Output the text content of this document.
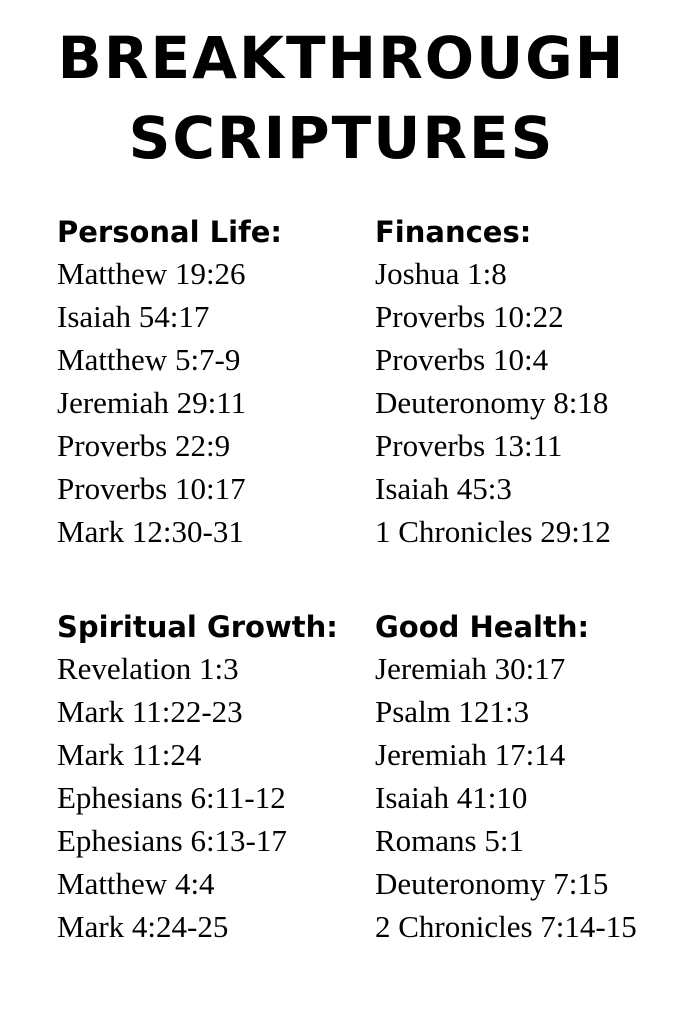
BREAKTHROUGH
SCRIPTURES
Personal Life:
Matthew 19:26
Isaiah 54:17
Matthew 5:7-9
Jeremiah 29:11
Proverbs 22:9
Proverbs 10:17
Mark 12:30-31
Finances:
Joshua 1:8
Proverbs 10:22
Proverbs 10:4
Deuteronomy 8:18
Proverbs 13:11
Isaiah 45:3
1 Chronicles 29:12
Spiritual Growth:
Revelation 1:3
Mark 11:22-23
Mark 11:24
Ephesians 6:11-12
Ephesians 6:13-17
Matthew 4:4
Mark 4:24-25
Good Health:
Jeremiah 30:17
Psalm 121:3
Jeremiah 17:14
Isaiah 41:10
Romans 5:1
Deuteronomy 7:15
2 Chronicles 7:14-15
